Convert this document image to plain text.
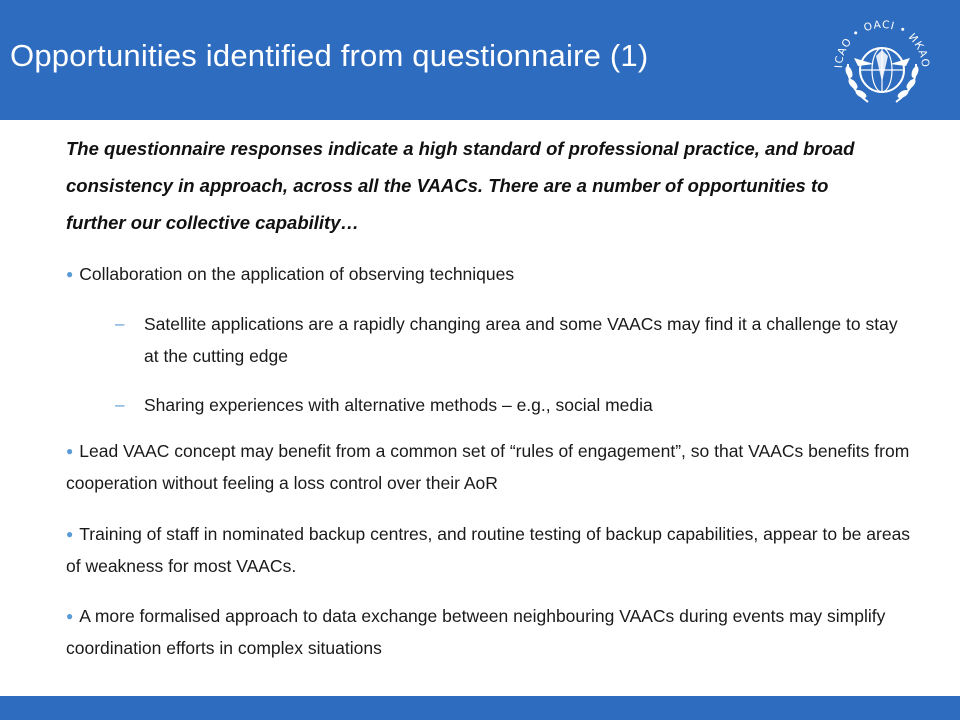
Opportunities identified from questionnaire (1)	ICAO • OACI • ИКАО
The questionnaire responses indicate a high standard of professional practice, and broad consistency in approach, across all the VAACs. There are a number of opportunities to further our collective capability…
● Collaboration on the application of observing techniques
–	Satellite applications are a rapidly changing area and some VAACs may find it a challenge to stay at the cutting edge
–	Sharing experiences with alternative methods – e.g., social media
● Lead VAAC concept may benefit from a common set of “rules of engagement”, so that VAACs benefits from cooperation without feeling a loss control over their AoR
● Training of staff in nominated backup centres, and routine testing of backup capabilities, appear to be areas of weakness for most VAACs.
● A more formalised approach to data exchange between neighbouring VAACs during events may simplify coordination efforts in complex situations
